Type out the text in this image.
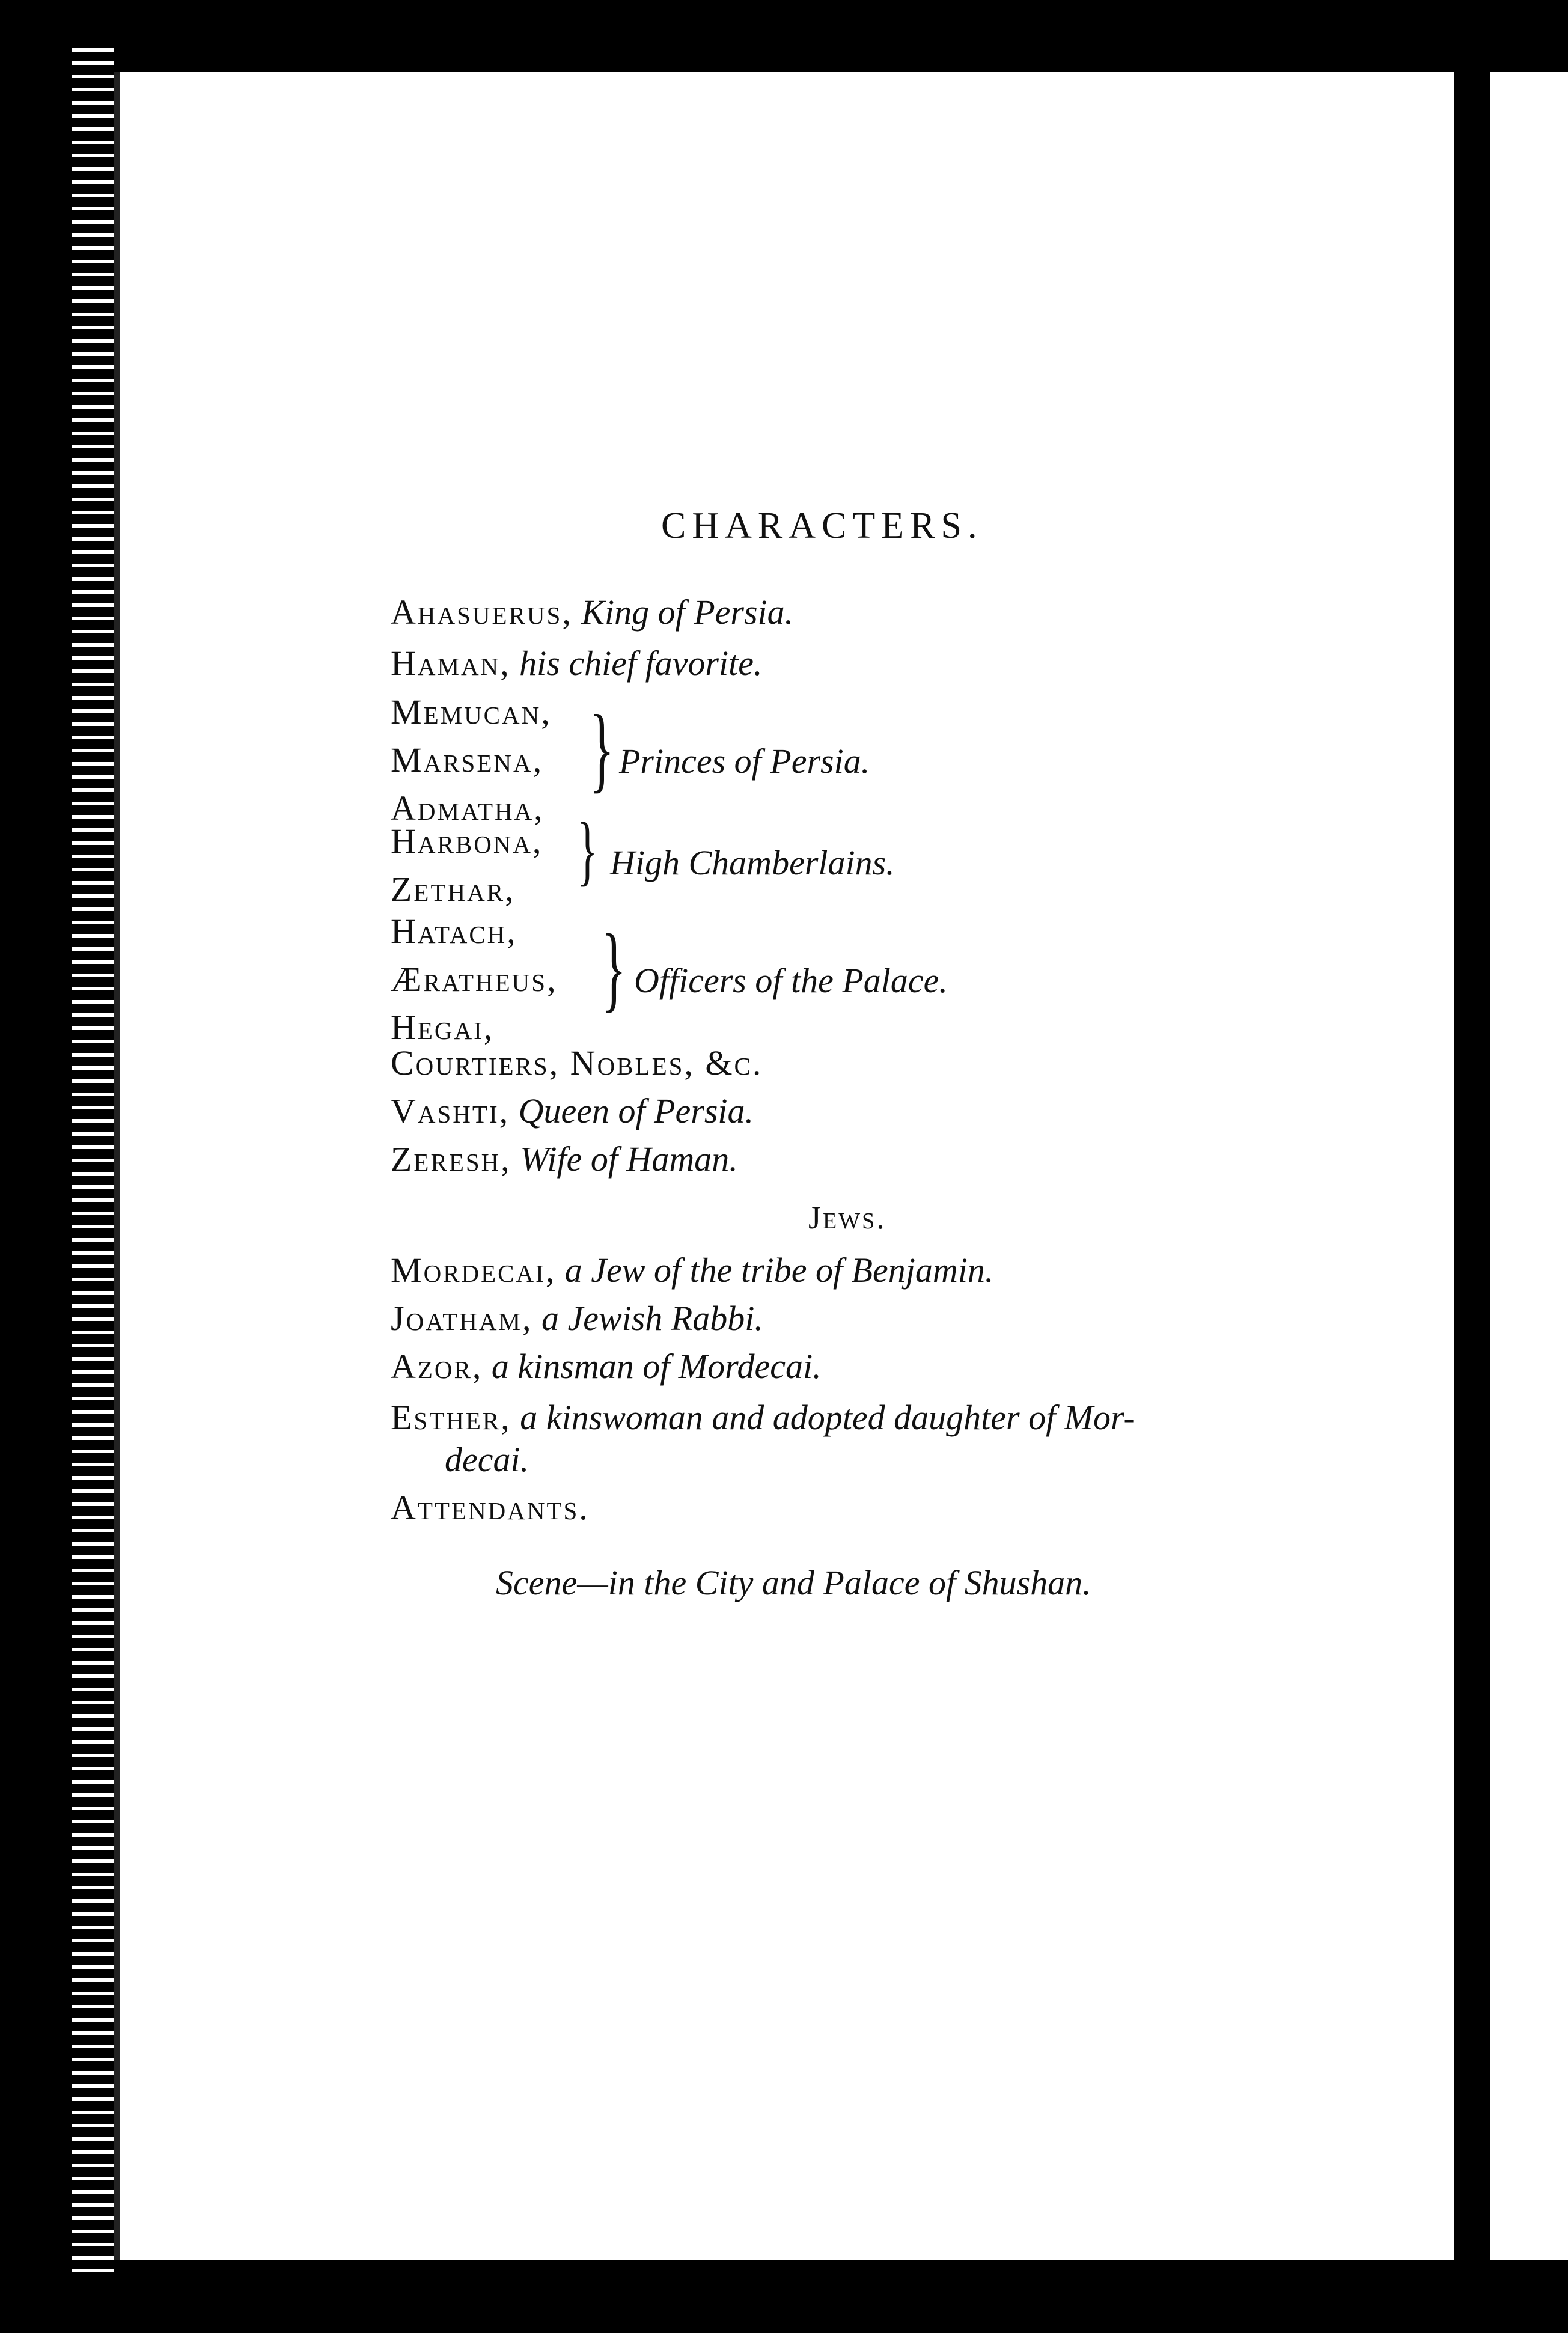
CHARACTERS.
Ahasuerus, King of Persia.
Haman, his chief favorite.
Memucan,
Marsena,
Admatha,
} Princes of Persia.
Harbona,
Zethar, } High Chamberlains.
Hatach,
Æratheus,
Hegai,
} Officers of the Palace.
Courtiers, Nobles, &c.
Vashti, Queen of Persia.
Zeresh, Wife of Haman.
Jews.
Mordecai, a Jew of the tribe of Benjamin.
Joatham, a Jewish Rabbi.
Azor, a kinsman of Mordecai.
Esther, a kinswoman and adopted daughter of Mor-
decai.
Attendants.
Scene—in the City and Palace of Shushan.
